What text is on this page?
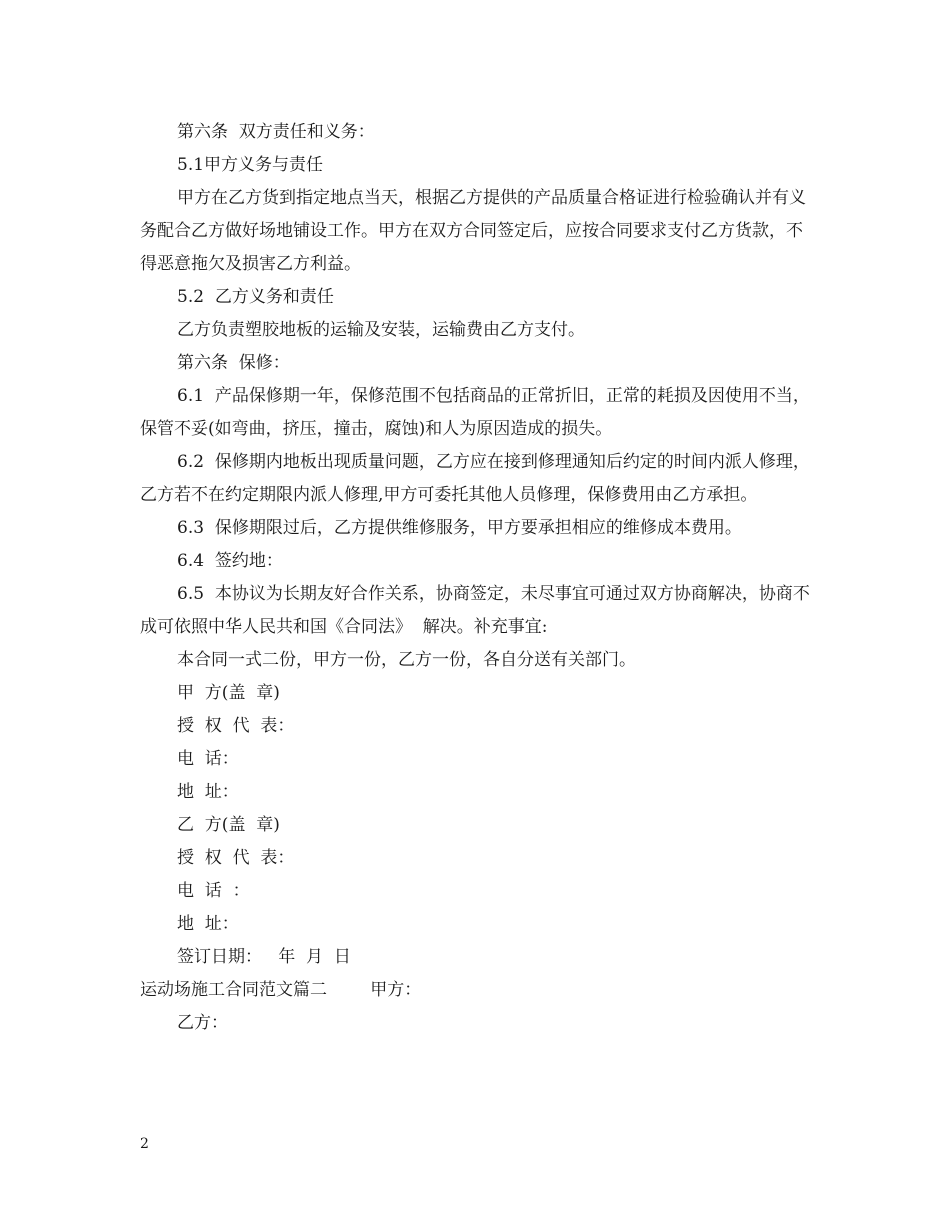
第六条  双方责任和义务：

5.1甲方义务与责任

甲方在乙方货到指定地点当天，根据乙方提供的产品质量合格证进行检验确认并有义务配合乙方做好场地铺设工作。甲方在双方合同签定后，应按合同要求支付乙方货款，不得恶意拖欠及损害乙方利益。

5.2  乙方义务和责任

乙方负责塑胶地板的运输及安装，运输费由乙方支付。

第六条  保修：

6.1  产品保修期一年，保修范围不包括商品的正常折旧，正常的耗损及因使用不当，保管不妥(如弯曲，挤压，撞击，腐蚀)和人为原因造成的损失。

6.2  保修期内地板出现质量问题，乙方应在接到修理通知后约定的时间内派人修理，乙方若不在约定期限内派人修理,甲方可委托其他人员修理，保修费用由乙方承担。

6.3  保修期限过后，乙方提供维修服务，甲方要承担相应的维修成本费用。

6.4  签约地：

6.5  本协议为长期友好合作关系，协商签定，未尽事宜可通过双方协商解决，协商不成可依照中华人民共和国《合同法》  解决。补充事宜:

本合同一式二份，甲方一份，乙方一份，各自分送有关部门。

甲  方(盖  章)

授  权  代  表：

电  话：

地  址：

乙  方(盖  章)

授  权  代  表：

电  话  ：

地  址：

签订日期：   年  月  日

运动场施工合同范文篇二        甲方：

乙方：

2
